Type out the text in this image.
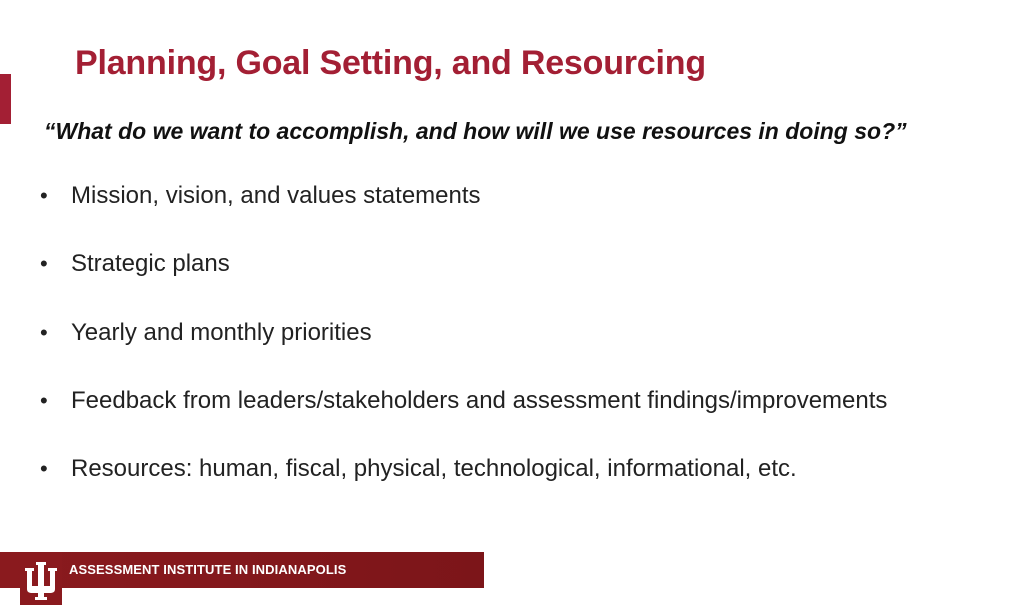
Planning, Goal Setting, and Resourcing

“What do we want to accomplish, and how will we use resources in doing so?”

• Mission, vision, and values statements
• Strategic plans
• Yearly and monthly priorities
• Feedback from leaders/stakeholders and assessment findings/improvements
• Resources: human, fiscal, physical, technological, informational, etc.
ASSESSMENT INSTITUTE IN INDIANAPOLIS
